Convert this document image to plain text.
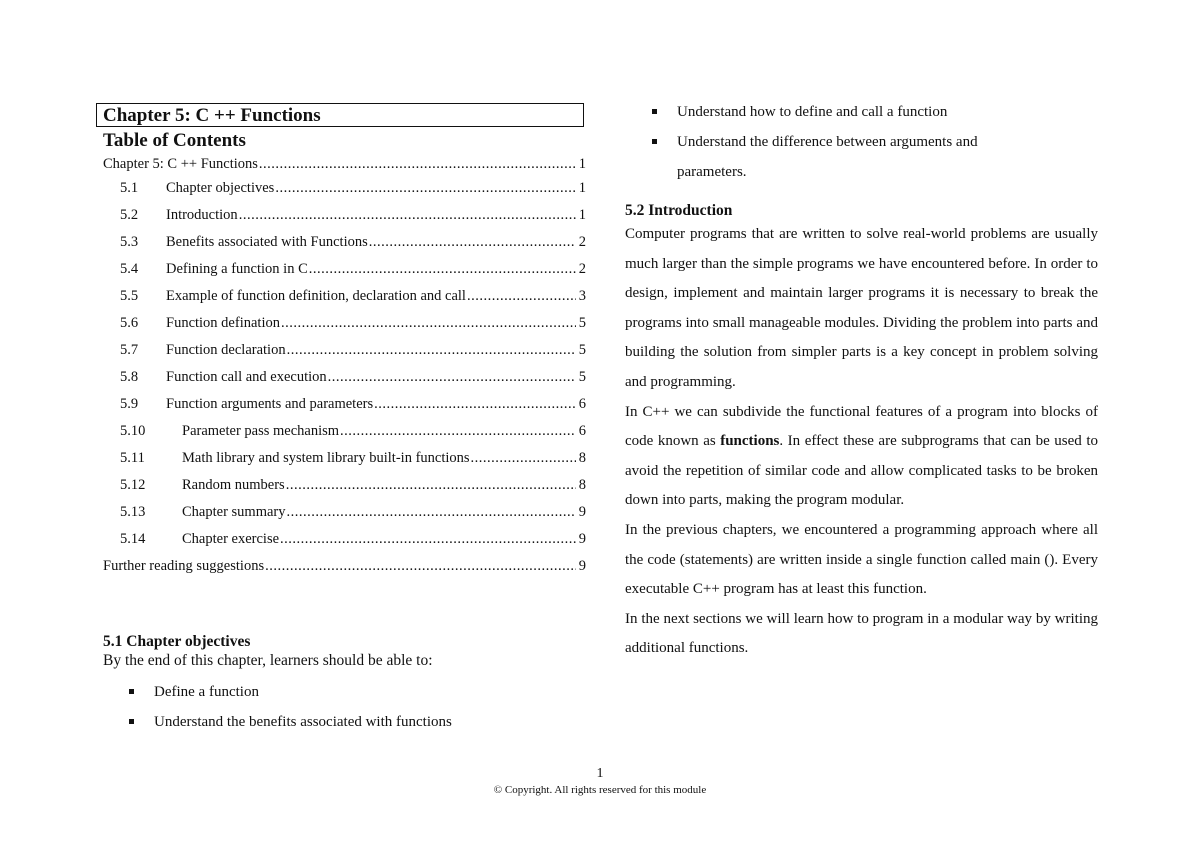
Chapter 5: C ++ Functions
Table of Contents
Chapter 5: C ++ Functions .....	1
5.1	Chapter objectives .....	1
5.2	Introduction .....	1
5.3	Benefits associated with Functions .....	2
5.4	Defining a function in C .....	2
5.5	Example of function definition, declaration and call .....	3
5.6	Function defination .....	5
5.7	Function declaration .....	5
5.8	Function call and execution .....	5
5.9	Function arguments and parameters .....	6
5.10	Parameter pass mechanism .....	6
5.11	Math library and system library built-in functions .....	8
5.12	Random numbers .....	8
5.13	Chapter summary .....	9
5.14	Chapter exercise .....	9
Further reading suggestions .....	9
5.1 Chapter objectives
By the end of this chapter, learners should be able to:
Define a function
Understand the benefits associated with functions
Understand how to define and call a function
Understand the difference between arguments and parameters.
5.2 Introduction

Computer programs that are written to solve real-world problems are usually much larger than the simple programs we have encountered before. In order to design, implement and maintain larger programs it is necessary to break the programs into small manageable modules. Dividing the problem into parts and building the solution from simpler parts is a key concept in problem solving and programming.

In C++ we can subdivide the functional features of a program into blocks of code known as functions. In effect these are subprograms that can be used to avoid the repetition of similar code and allow complicated tasks to be broken down into parts, making the program modular.

In the previous chapters, we encountered a programming approach where all the code (statements) are written inside a single function called main (). Every executable C++ program has at least this function.

In the next sections we will learn how to program in a modular way by writing additional functions.

1
© Copyright. All rights reserved for this module
